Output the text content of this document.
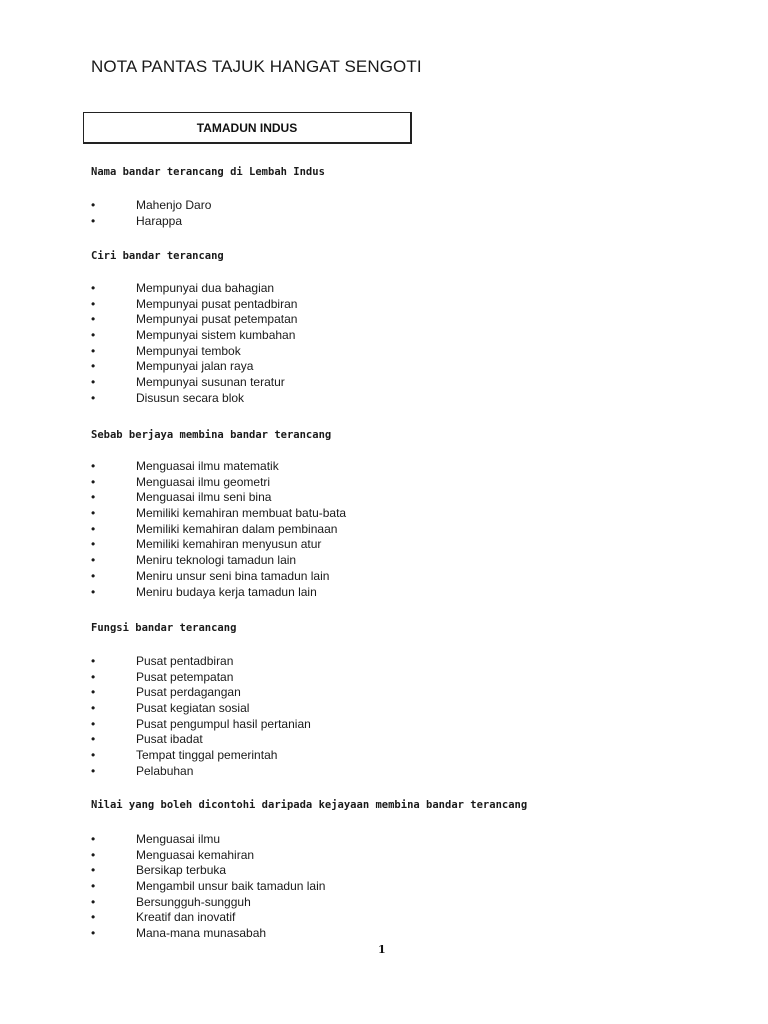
NOTA PANTAS TAJUK HANGAT SENGOTI
TAMADUN INDUS
Nama bandar terancang di Lembah Indus
•	Mahenjo Daro
•	Harappa
Ciri bandar terancang
•	Mempunyai dua bahagian
•	Mempunyai pusat pentadbiran
•	Mempunyai pusat petempatan
•	Mempunyai sistem kumbahan
•	Mempunyai tembok
•	Mempunyai jalan raya
•	Mempunyai susunan teratur
•	Disusun secara blok
Sebab berjaya membina bandar terancang
•	Menguasai ilmu matematik
•	Menguasai ilmu geometri
•	Menguasai ilmu seni bina
•	Memiliki kemahiran membuat batu-bata
•	Memiliki kemahiran dalam pembinaan
•	Memiliki kemahiran menyusun atur
•	Meniru teknologi tamadun lain
•	Meniru unsur seni bina tamadun lain
•	Meniru budaya kerja tamadun lain
Fungsi bandar terancang
•	Pusat pentadbiran
•	Pusat petempatan
•	Pusat perdagangan
•	Pusat kegiatan sosial
•	Pusat pengumpul hasil pertanian
•	Pusat ibadat
•	Tempat tinggal pemerintah
•	Pelabuhan
Nilai yang boleh dicontohi daripada kejayaan membina bandar terancang
•	Menguasai ilmu
•	Menguasai kemahiran
•	Bersikap terbuka
•	Mengambil unsur baik tamadun lain
•	Bersungguh-sungguh
•	Kreatif dan inovatif
•	Mana-mana munasabah
1
